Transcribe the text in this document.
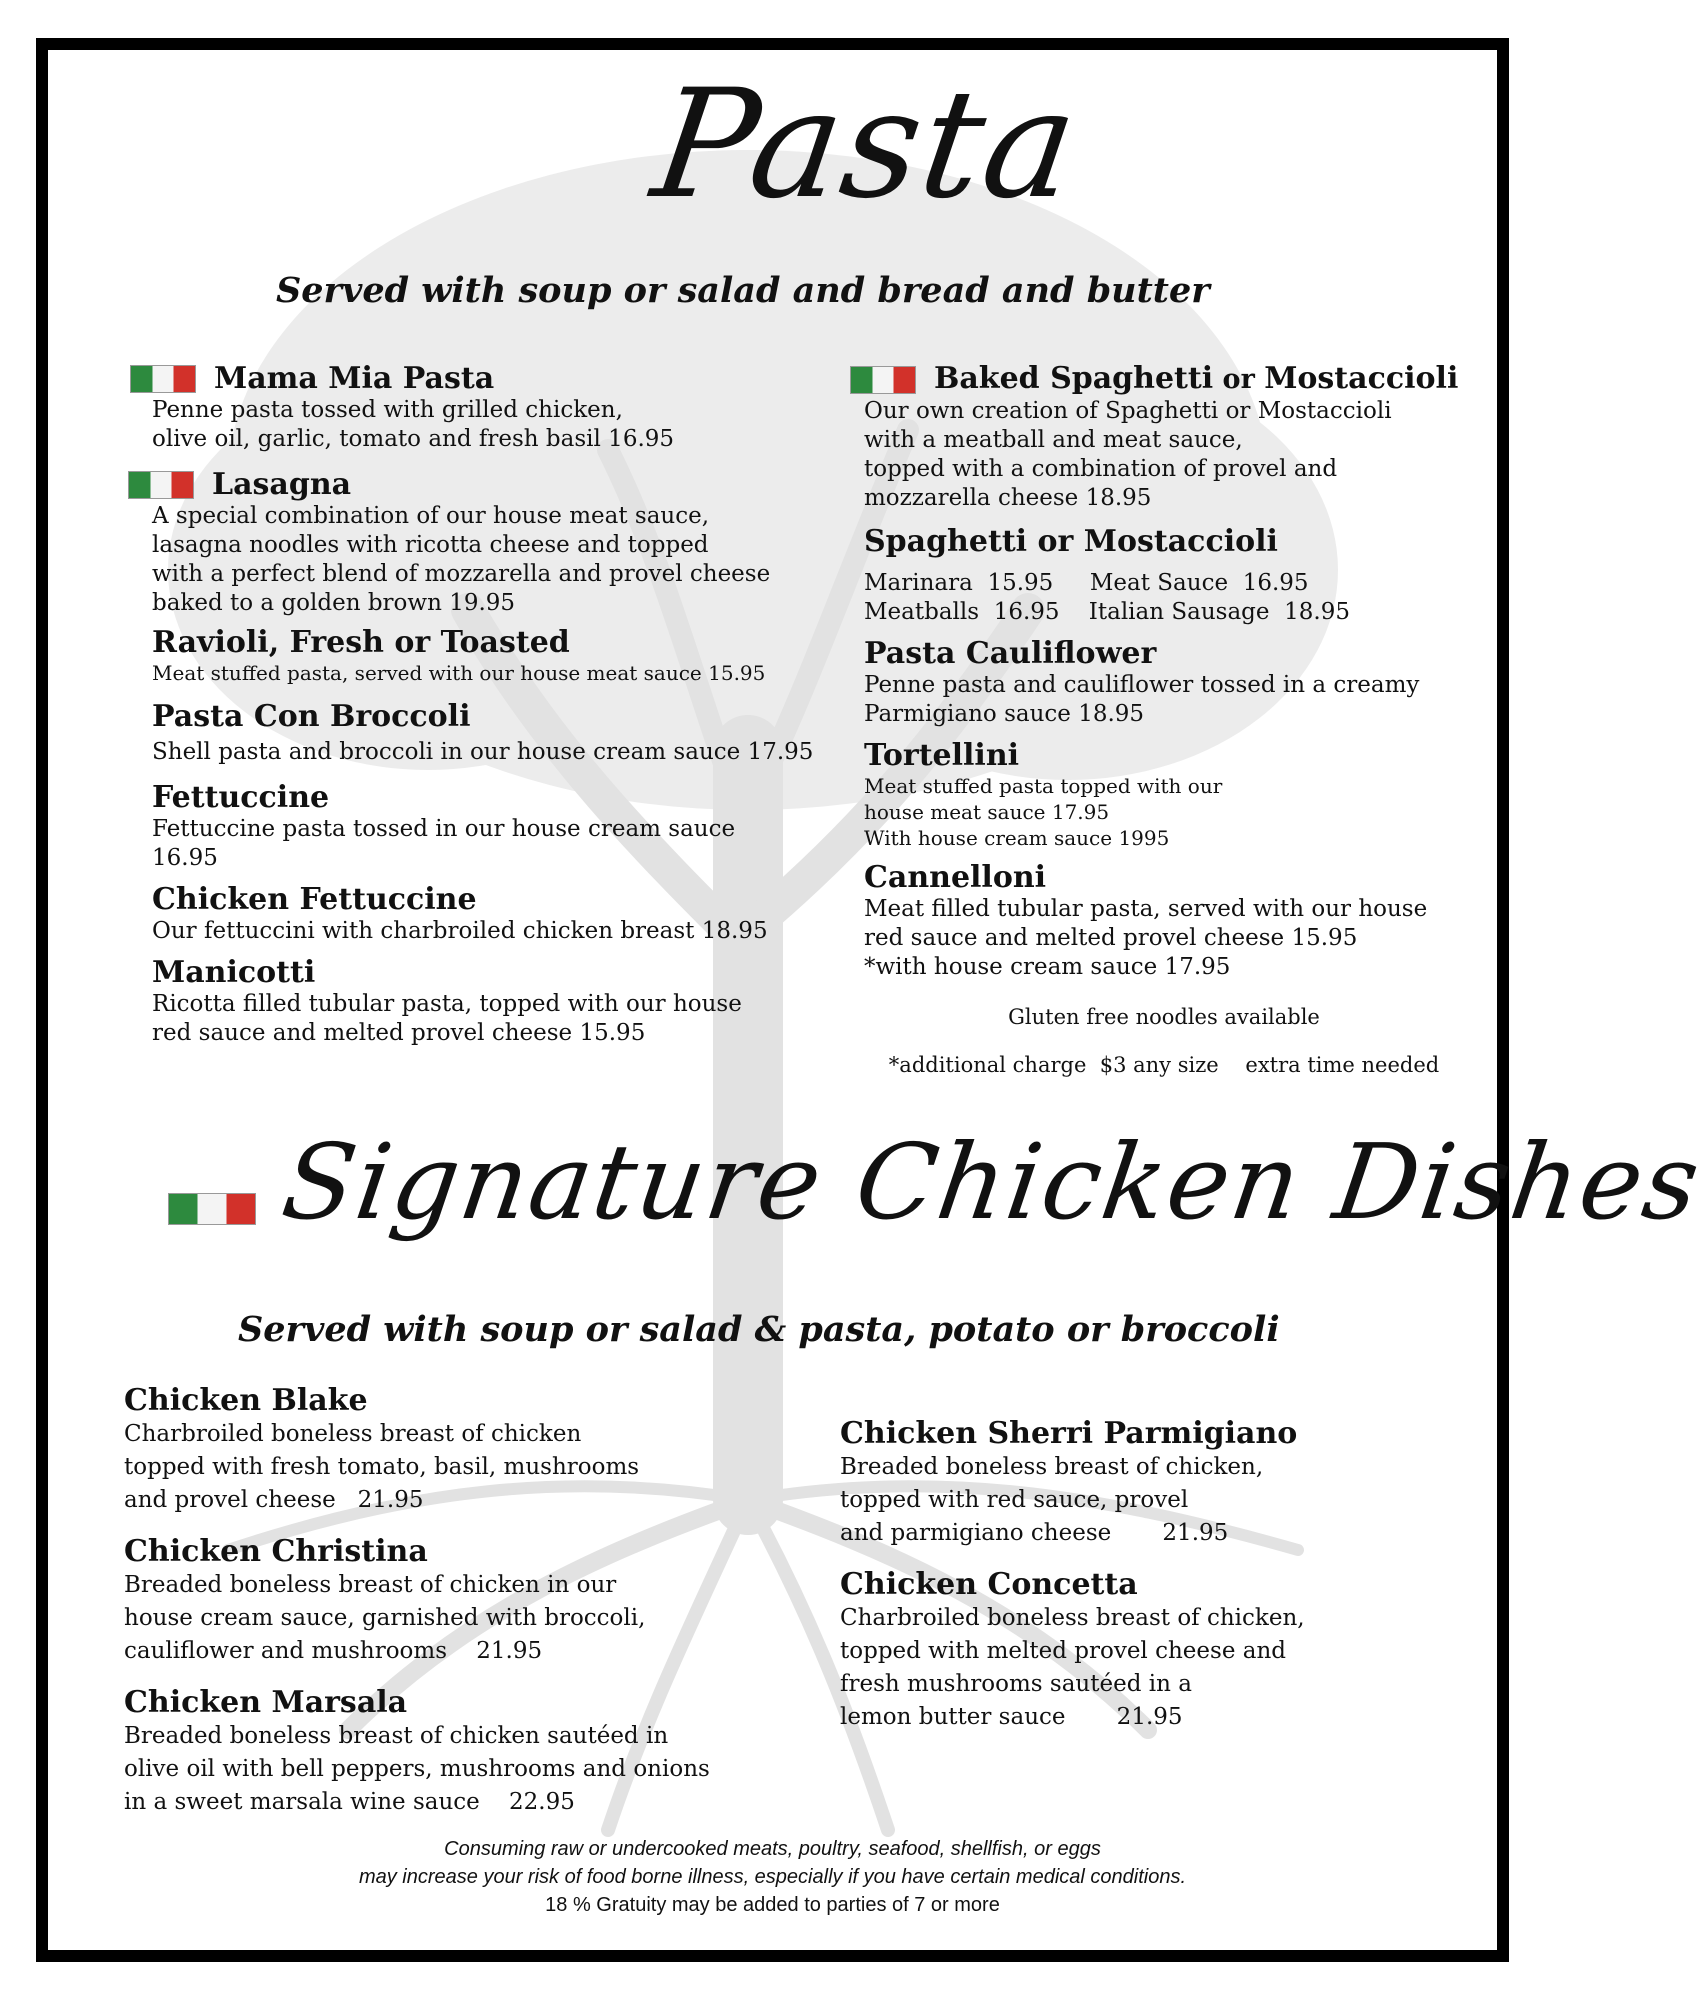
Pasta
Served with soup or salad and bread and butter
Mama Mia Pasta

Penne pasta tossed with grilled chicken,

olive oil, garlic, tomato and fresh basil 16.95

Lasagna

A special combination of our house meat sauce,

lasagna noodles with ricotta cheese and topped

with a perfect blend of mozzarella and provel cheese

baked to a golden brown 19.95

Ravioli, Fresh or Toasted

Meat stuffed pasta, served with our house meat sauce 15.95

Pasta Con Broccoli

Shell pasta and broccoli in our house cream sauce 17.95

Fettuccine

Fettuccine pasta tossed in our house cream sauce

16.95

Chicken Fettuccine

Our fettuccini with charbroiled chicken breast 18.95

Manicotti

Ricotta filled tubular pasta, topped with our house

red sauce and melted provel cheese 15.95

Baked Spaghetti or Mostaccioli

Our own creation of Spaghetti or Mostaccioli

with a meatball and meat sauce,

topped with a combination of provel and

mozzarella cheese 18.95

Spaghetti or Mostaccioli

Marinara  15.95     Meat Sauce  16.95

Meatballs  16.95    Italian Sausage  18.95

Pasta Cauliflower

Penne pasta and cauliflower tossed in a creamy

Parmigiano sauce 18.95

Tortellini

Meat stuffed pasta topped with our

house meat sauce 17.95

With house cream sauce 1995

Cannelloni

Meat filled tubular pasta, served with our house

red sauce and melted provel cheese 15.95

*with house cream sauce 17.95

Gluten free noodles available

*additional charge  $3 any size    extra time needed

Signature Chicken Dishes
Served with soup or salad & pasta, potato or broccoli
Chicken Blake

Charbroiled boneless breast of chicken

topped with fresh tomato, basil, mushrooms

and provel cheese   21.95

Chicken Christina

Breaded boneless breast of chicken in our

house cream sauce, garnished with broccoli,

cauliflower and mushrooms    21.95

Chicken Marsala

Breaded boneless breast of chicken sautéed in

olive oil with bell peppers, mushrooms and onions

in a sweet marsala wine sauce    22.95

Chicken Sherri Parmigiano

Breaded boneless breast of chicken,

topped with red sauce, provel

and parmigiano cheese       21.95

Chicken Concetta

Charbroiled boneless breast of chicken,

topped with melted provel cheese and

fresh mushrooms sautéed in a

lemon butter sauce       21.95

Consuming raw or undercooked meats, poultry, seafood, shellfish, or eggs

may increase your risk of food borne illness, especially if you have certain medical conditions.

18 % Gratuity may be added to parties of 7 or more
